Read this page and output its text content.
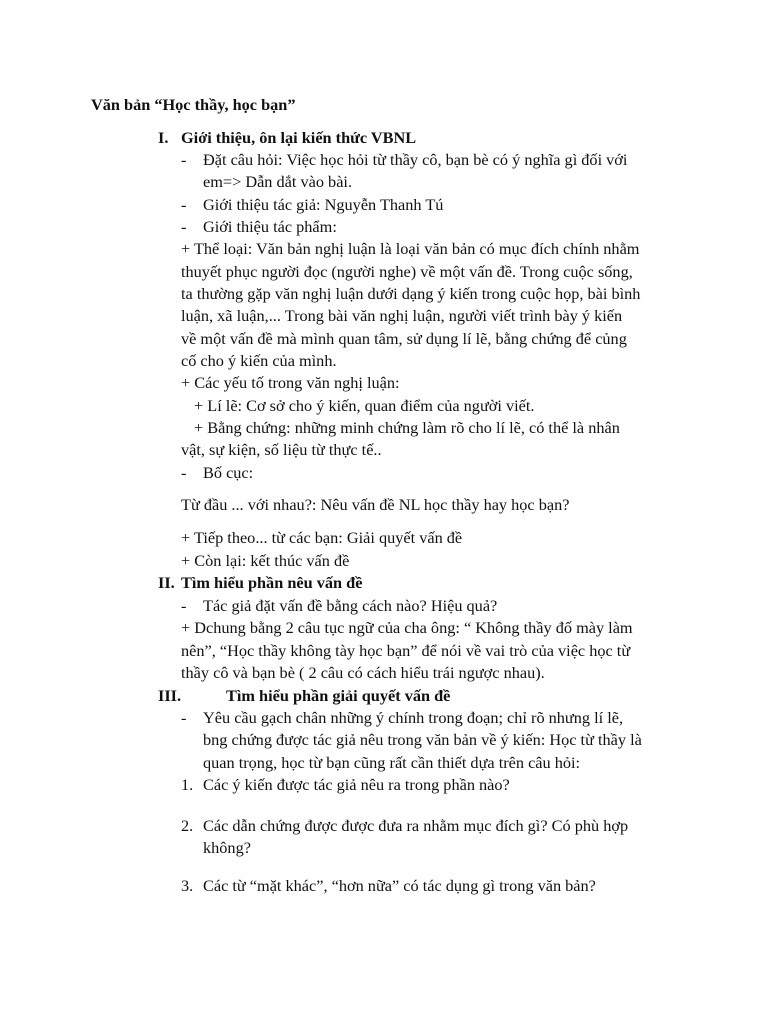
Văn bản “Học thầy, học bạn”
I. Giới thiệu, ôn lại kiến thức VBNL
- Đặt câu hỏi: Việc học hỏi từ thầy cô, bạn bè có ý nghĩa gì đối với
em=> Dẫn dắt vào bài.
- Giới thiệu tác giả: Nguyễn Thanh Tú
- Giới thiệu tác phẩm:
+ Thể loại: Văn bản nghị luận là loại văn bản có mục đích chính nhằm
thuyết phục người đọc (người nghe) về một vấn đề. Trong cuộc sống,
ta thường gặp văn nghị luận dưới dạng ý kiến trong cuộc họp, bài bình
luận, xã luận,... Trong bài văn nghị luận, người viết trình bày ý kiến
về một vấn đề mà mình quan tâm, sử dụng lí lẽ, bằng chứng để củng
cố cho ý kiến của mình.
+ Các yếu tố trong văn nghị luận:
+ Lí lẽ: Cơ sở cho ý kiến, quan điểm của người viết.
+ Bằng chứng: những minh chứng làm rõ cho lí lẽ, có thể là nhân
vật, sự kiện, số liệu từ thực tế..
- Bố cục:
Từ đầu ... với nhau?: Nêu vấn đề NL học thầy hay học bạn?
+ Tiếp theo... từ các bạn: Giải quyết vấn đề
+ Còn lại: kết thúc vấn đề
II. Tìm hiểu phần nêu vấn đề
- Tác giả đặt vấn đề bằng cách nào? Hiệu quả?
+ Dchung bằng 2 câu tục ngữ của cha ông: “ Không thầy đố mày làm
nên”, “Học thầy không tày học bạn” để nói về vai trò của việc học từ
thầy cô và bạn bè ( 2 câu có cách hiểu trái ngược nhau).
III.	Tìm hiểu phần giải quyết vấn đề
- Yêu cầu gạch chân những ý chính trong đoạn; chỉ rõ nhưng lí lẽ,
bng chứng được tác giả nêu trong văn bản về ý kiến: Học từ thầy là
quan trọng, học từ bạn cũng rất cần thiết dựa trên câu hỏi:
1. Các ý kiến được tác giả nêu ra trong phần nào?
2. Các dẫn chứng được được đưa ra nhằm mục đích gì? Có phù hợp
không?
3. Các từ “mặt khác”, “hơn nữa” có tác dụng gì trong văn bản?
